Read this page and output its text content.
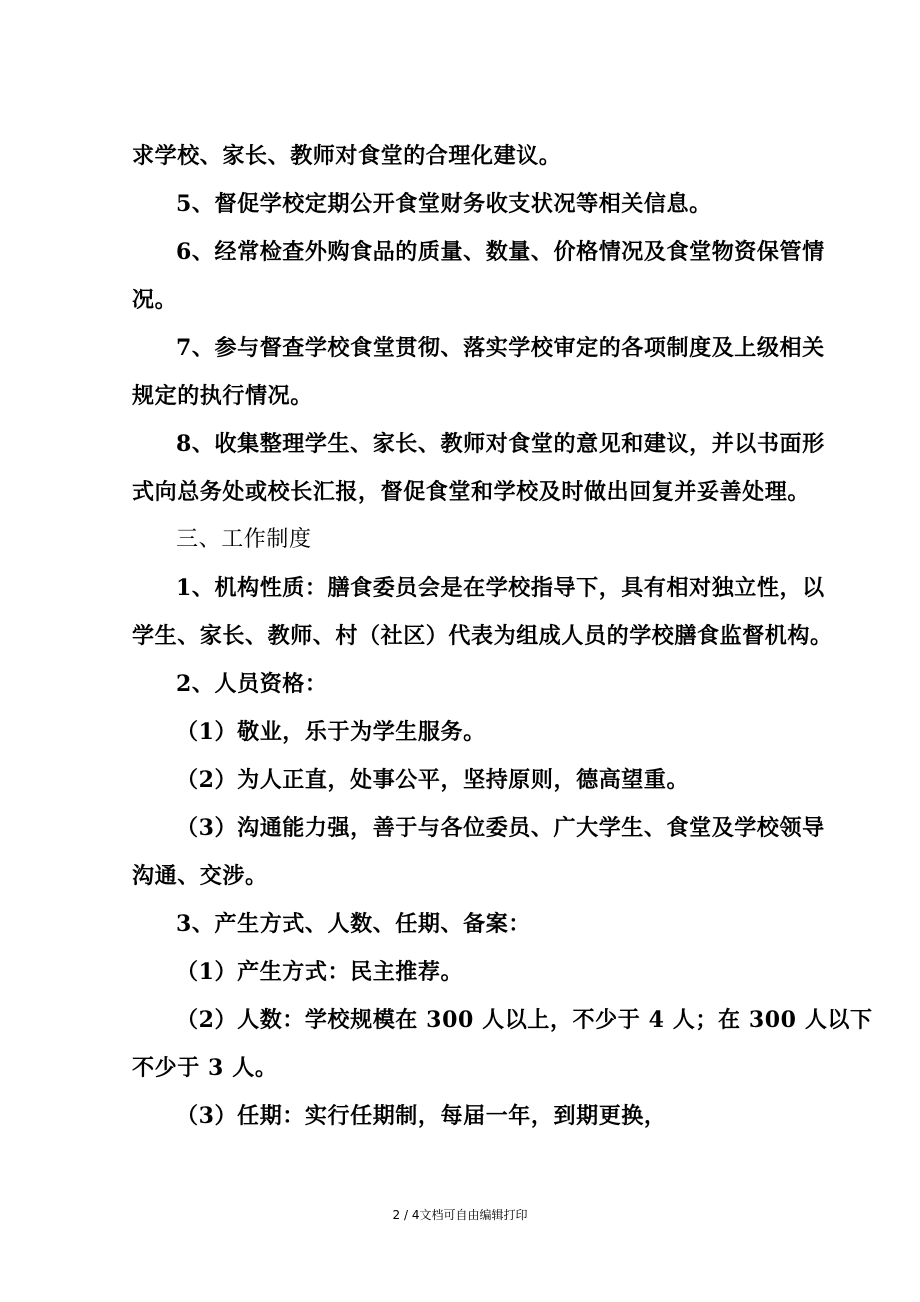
求学校、家长、教师对食堂的合理化建议。
5、督促学校定期公开食堂财务收支状况等相关信息。
6、经常检查外购食品的质量、数量、价格情况及食堂物资保管情
况。
7、参与督查学校食堂贯彻、落实学校审定的各项制度及上级相关
规定的执行情况。
8、收集整理学生、家长、教师对食堂的意见和建议，并以书面形
式向总务处或校长汇报，督促食堂和学校及时做出回复并妥善处理。
三、工作制度
1、机构性质：膳食委员会是在学校指导下，具有相对独立性，以
学生、家长、教师、村（社区）代表为组成人员的学校膳食监督机构。
2、人员资格：
（1）敬业，乐于为学生服务。
（2）为人正直，处事公平，坚持原则，德高望重。
（3）沟通能力强，善于与各位委员、广大学生、食堂及学校领导
沟通、交涉。
3、产生方式、人数、任期、备案：
（1）产生方式：民主推荐。
（2）人数：学校规模在 300 人以上，不少于 4 人；在 300 人以下
不少于 3 人。
（3）任期：实行任期制，每届一年，到期更换，
2 / 4文档可自由编辑打印
